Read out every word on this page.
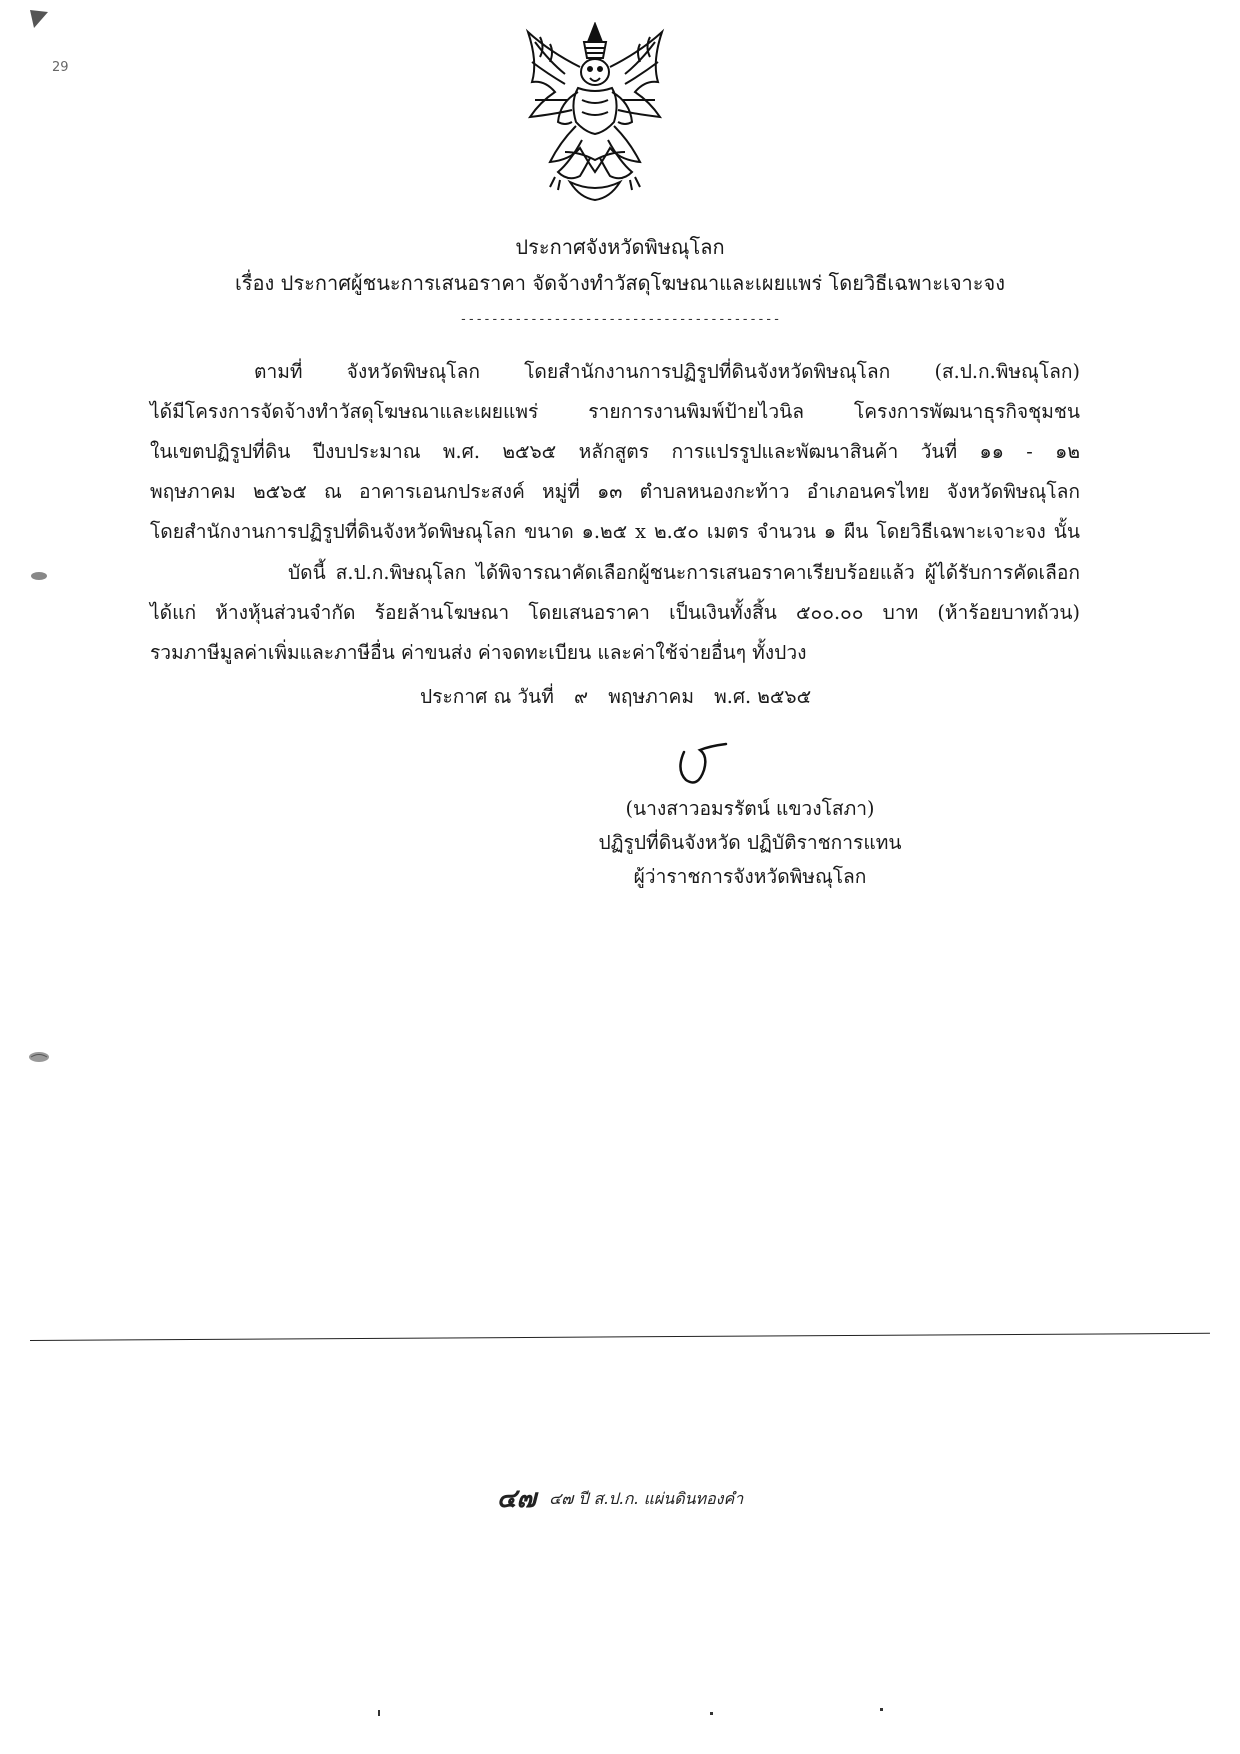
29
ประกาศจังหวัดพิษณุโลก
เรื่อง ประกาศผู้ชนะการเสนอราคา จัดจ้างทำวัสดุโฆษณาและเผยแพร่ โดยวิธีเฉพาะเจาะจง
-----------------------------------------
ตามที่ จังหวัดพิษณุโลก โดยสำนักงานการปฏิรูปที่ดินจังหวัดพิษณุโลก (ส.ป.ก.พิษณุโลก)
ได้มีโครงการจัดจ้างทำวัสดุโฆษณาและเผยแพร่ รายการงานพิมพ์ป้ายไวนิล โครงการพัฒนาธุรกิจชุมชน
ในเขตปฏิรูปที่ดิน ปีงบประมาณ พ.ศ. ๒๕๖๕ หลักสูตร การแปรรูปและพัฒนาสินค้า วันที่ ๑๑ - ๑๒
พฤษภาคม ๒๕๖๕ ณ อาคารเอนกประสงค์ หมู่ที่ ๑๓ ตำบลหนองกะท้าว อำเภอนครไทย จังหวัดพิษณุโลก
โดยสำนักงานการปฏิรูปที่ดินจังหวัดพิษณุโลก ขนาด ๑.๒๕ x ๒.๕๐ เมตร จำนวน ๑ ผืน โดยวิธีเฉพาะเจาะจง นั้น
บัดนี้ ส.ป.ก.พิษณุโลก ได้พิจารณาคัดเลือกผู้ชนะการเสนอราคาเรียบร้อยแล้ว ผู้ได้รับการคัดเลือก
ได้แก่ ห้างหุ้นส่วนจำกัด ร้อยล้านโฆษณา โดยเสนอราคา เป็นเงินทั้งสิ้น ๕๐๐.๐๐ บาท (ห้าร้อยบาทถ้วน)
รวมภาษีมูลค่าเพิ่มและภาษีอื่น ค่าขนส่ง ค่าจดทะเบียน และค่าใช้จ่ายอื่นๆ ทั้งปวง
ประกาศ ณ วันที่ ๙ พฤษภาคม พ.ศ. ๒๕๖๕
(นางสาวอมรรัตน์ แขวงโสภา)
ปฏิรูปที่ดินจังหวัด ปฏิบัติราชการแทน
ผู้ว่าราชการจังหวัดพิษณุโลก
๔๗ ๔๗ ปี ส.ป.ก. แผ่นดินทองคำ
